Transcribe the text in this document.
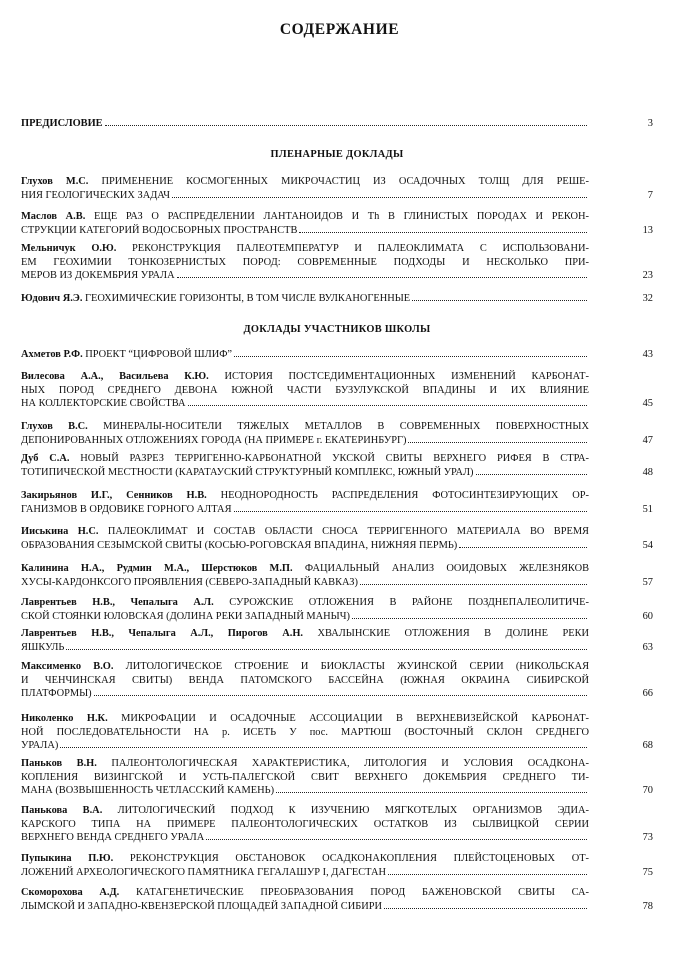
СОДЕРЖАНИЕ
ПРЕДИСЛОВИЕ	3
ПЛЕНАРНЫЕ ДОКЛАДЫ
Глухов М.С. ПРИМЕНЕНИЕ КОСМОГЕННЫХ МИКРОЧАСТИЦ ИЗ ОСАДОЧНЫХ ТОЛЩ ДЛЯ РЕШЕ-
НИЯ ГЕОЛОГИЧЕСКИХ ЗАДАЧ	7
Маслов А.В. ЕЩЕ РАЗ О РАСПРЕДЕЛЕНИИ ЛАНТАНОИДОВ И Th В ГЛИНИСТЫХ ПОРОДАХ И РЕКОН-
СТРУКЦИИ КАТЕГОРИЙ ВОДОСБОРНЫХ ПРОСТРАНСТВ	13
Мельничук О.Ю. РЕКОНСТРУКЦИЯ ПАЛЕОТЕМПЕРАТУР И ПАЛЕОКЛИМАТА С ИСПОЛЬЗОВАНИ-
ЕМ ГЕОХИМИИ ТОНКОЗЕРНИСТЫХ ПОРОД: СОВРЕМЕННЫЕ ПОДХОДЫ И НЕСКОЛЬКО ПРИ-
МЕРОВ ИЗ ДОКЕМБРИЯ УРАЛА	23
Юдович Я.Э. ГЕОХИМИЧЕСКИЕ ГОРИЗОНТЫ, В ТОМ ЧИСЛЕ ВУЛКАНОГЕННЫЕ	32
ДОКЛАДЫ УЧАСТНИКОВ ШКОЛЫ
Ахметов Р.Ф. ПРОЕКТ “ЦИФРОВОЙ ШЛИФ”	43
Вилесова А.А., Васильева К.Ю. ИСТОРИЯ ПОСТСЕДИМЕНТАЦИОННЫХ ИЗМЕНЕНИЙ КАРБОНАТ-
НЫХ ПОРОД СРЕДНЕГО ДЕВОНА ЮЖНОЙ ЧАСТИ БУЗУЛУКСКОЙ ВПАДИНЫ И ИХ ВЛИЯНИЕ
НА КОЛЛЕКТОРСКИЕ СВОЙСТВА	45
Глухов В.С. МИНЕРАЛЫ-НОСИТЕЛИ ТЯЖЕЛЫХ МЕТАЛЛОВ В СОВРЕМЕННЫХ ПОВЕРХНОСТНЫХ
ДЕПОНИРОВАННЫХ ОТЛОЖЕНИЯХ ГОРОДА (НА ПРИМЕРЕ г. ЕКАТЕРИНБУРГ)	47
Дуб С.А. НОВЫЙ РАЗРЕЗ ТЕРРИГЕННО-КАРБОНАТНОЙ УКСКОЙ СВИТЫ ВЕРХНЕГО РИФЕЯ В СТРА-
ТОТИПИЧЕСКОЙ МЕСТНОСТИ (КАРАТАУСКИЙ СТРУКТУРНЫЙ КОМПЛЕКС, ЮЖНЫЙ УРАЛ)	48
Закирьянов И.Г., Сенников Н.В. НЕОДНОРОДНОСТЬ РАСПРЕДЕЛЕНИЯ ФОТОСИНТЕЗИРУЮЩИХ ОР-
ГАНИЗМОВ В ОРДОВИКЕ ГОРНОГО АЛТАЯ	51
Ииськина Н.С. ПАЛЕОКЛИМАТ И СОСТАВ ОБЛАСТИ СНОСА ТЕРРИГЕННОГО МАТЕРИАЛА ВО ВРЕМЯ
ОБРАЗОВАНИЯ СЕЗЫМСКОЙ СВИТЫ (КОСЬЮ-РОГОВСКАЯ ВПАДИНА, НИЖНЯЯ ПЕРМЬ)	54
Калинина Н.А., Рудмин М.А., Шерстюков М.П. ФАЦИАЛЬНЫЙ АНАЛИЗ ООИДОВЫХ ЖЕЛЕЗНЯКОВ
ХУСЫ-КАРДОНКСОГО ПРОЯВЛЕНИЯ (СЕВЕРО-ЗАПАДНЫЙ КАВКАЗ)	57
Лаврентьев Н.В., Чепалыга А.Л. СУРОЖСКИЕ ОТЛОЖЕНИЯ В РАЙОНЕ ПОЗДНЕПАЛЕОЛИТИЧЕ-
СКОЙ СТОЯНКИ ЮЛОВСКАЯ (ДОЛИНА РЕКИ ЗАПАДНЫЙ МАНЫЧ)	60
Лаврентьев Н.В., Чепалыга А.Л., Пирогов А.Н. ХВАЛЫНСКИЕ ОТЛОЖЕНИЯ В ДОЛИНЕ РЕКИ
ЯШКУЛЬ	63
Максименко В.О. ЛИТОЛОГИЧЕСКОЕ СТРОЕНИЕ И БИОКЛАСТЫ ЖУИНСКОЙ СЕРИИ (НИКОЛЬСКАЯ
И ЧЕНЧИНСКАЯ СВИТЫ) ВЕНДА ПАТОМСКОГО БАССЕЙНА (ЮЖНАЯ ОКРАИНА СИБИРСКОЙ
ПЛАТФОРМЫ)	66
Николенко Н.К. МИКРОФАЦИИ И ОСАДОЧНЫЕ АССОЦИАЦИИ В ВЕРХНЕВИЗЕЙСКОЙ КАРБОНАТ-
НОЙ ПОСЛЕДОВАТЕЛЬНОСТИ НА р. ИСЕТЬ У пос. МАРТЮШ (ВОСТОЧНЫЙ СКЛОН СРЕДНЕГО
УРАЛА)	68
Паньков В.Н. ПАЛЕОНТОЛОГИЧЕСКАЯ ХАРАКТЕРИСТИКА, ЛИТОЛОГИЯ И УСЛОВИЯ ОСАДКОНА-
КОПЛЕНИЯ ВИЗИНГСКОЙ И УСТЬ-ПАЛЕГСКОЙ СВИТ ВЕРХНЕГО ДОКЕМБРИЯ СРЕДНЕГО ТИ-
МАНА (ВОЗВЫШЕННОСТЬ ЧЕТЛАССКИЙ КАМЕНЬ)	70
Панькова В.А. ЛИТОЛОГИЧЕСКИЙ ПОДХОД К ИЗУЧЕНИЮ МЯГКОТЕЛЫХ ОРГАНИЗМОВ ЭДИА-
КАРСКОГО ТИПА НА ПРИМЕРЕ ПАЛЕОНТОЛОГИЧЕСКИХ ОСТАТКОВ ИЗ СЫЛВИЦКОЙ СЕРИИ
ВЕРХНЕГО ВЕНДА СРЕДНЕГО УРАЛА	73
Пупыкина П.Ю. РЕКОНСТРУКЦИЯ ОБСТАНОВОК ОСАДКОНАКОПЛЕНИЯ ПЛЕЙСТОЦЕНОВЫХ ОТ-
ЛОЖЕНИЙ АРХЕОЛОГИЧЕСКОГО ПАМЯТНИКА ГЕГАЛАШУР I, ДАГЕСТАН	75
Скоморохова А.Д. КАТАГЕНЕТИЧЕСКИЕ ПРЕОБРАЗОВАНИЯ ПОРОД БАЖЕНОВСКОЙ СВИТЫ СА-
ЛЫМСКОЙ И ЗАПАДНО-КВЕНЗЕРСКОЙ ПЛОЩАДЕЙ ЗАПАДНОЙ СИБИРИ	78
